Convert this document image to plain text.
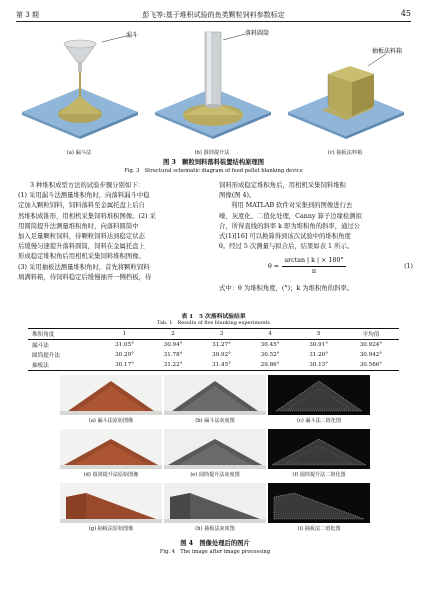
第 3 期	彭飞等:基于堆积试验的鱼类颗粒饲料参数标定	45
漏斗
(a) 漏斗法
落料圆筒
(b) 圆筒提升法
抽板法料箱
(c) 抽板法料箱
图 3　颗粒饲料落料装置结构原理图
Fig. 3　Structural schematic diagram of feed pellet blanking device
3 种堆积成型方法的试验步骤分别如下：
(1) 采用漏斗法测量堆积角时，向落料漏斗中稳
定加入颗粒饲料，饲料落料至金属托盘上后自
然堆积成锥形，用相机采集饲料堆积图像。(2) 采
用圆筒提升法测量堆积角时，向落料圆筒中
加入足量颗粒饲料，待颗粒饲料达到稳定状态
后缓慢匀速提升落料圆筒，饲料在金属托盘上
形成稳定堆积角后用相机采集饲料堆积图像。
(3) 采用抽板法测量堆积角时，首先将颗粒饲料
填满料箱，待饲料稳定后缓慢抽开一侧挡板，待
饲料形成稳定堆积角后，用相机采集饲料堆积
图像(图 4)。
利用 MATLAB 软件对采集到的图像进行去
噪、灰度化、二值化处理，Canny 算子边缘检测拟
合，所得直线的斜率 k 即为堆积角的斜率，通过公
式(1)[16] 可以换算得到该次试验中的堆积角度
θ。经过 5 次测量与拟合后，结果如表 1 所示。
θ =
arctan | k | × 180°
π
(1)
式中：θ 为堆积角度，(°)；k 为堆积角的斜率。
表 1　5 次落料试验结果
Tab. 1　Results of five blanking experiments
堆积角度	1	2	3	4	5	平均值
漏斗法	31.05°	30.94°	31.27°	30.45°	30.91°	30.924°
圆筒提升法	30.29°	31.78°	30.92°	30.52°	31.20°	30.942°
抽板法	30.17°	31.22°	31.45°	29.86°	30.13°	30.566°
(a) 漏斗法原始图像	(b) 漏斗法灰度图	(c) 漏斗法二值化图
(d) 圆筒提升法原始图像	(e) 圆筒提升法灰度图	(f) 圆筒提升法二值化图
(g) 抽板法原始图像	(h) 抽板法灰度图	(i) 抽板法二值化图
图 4　图像处理后的图片
Fig. 4　The image after image processing
